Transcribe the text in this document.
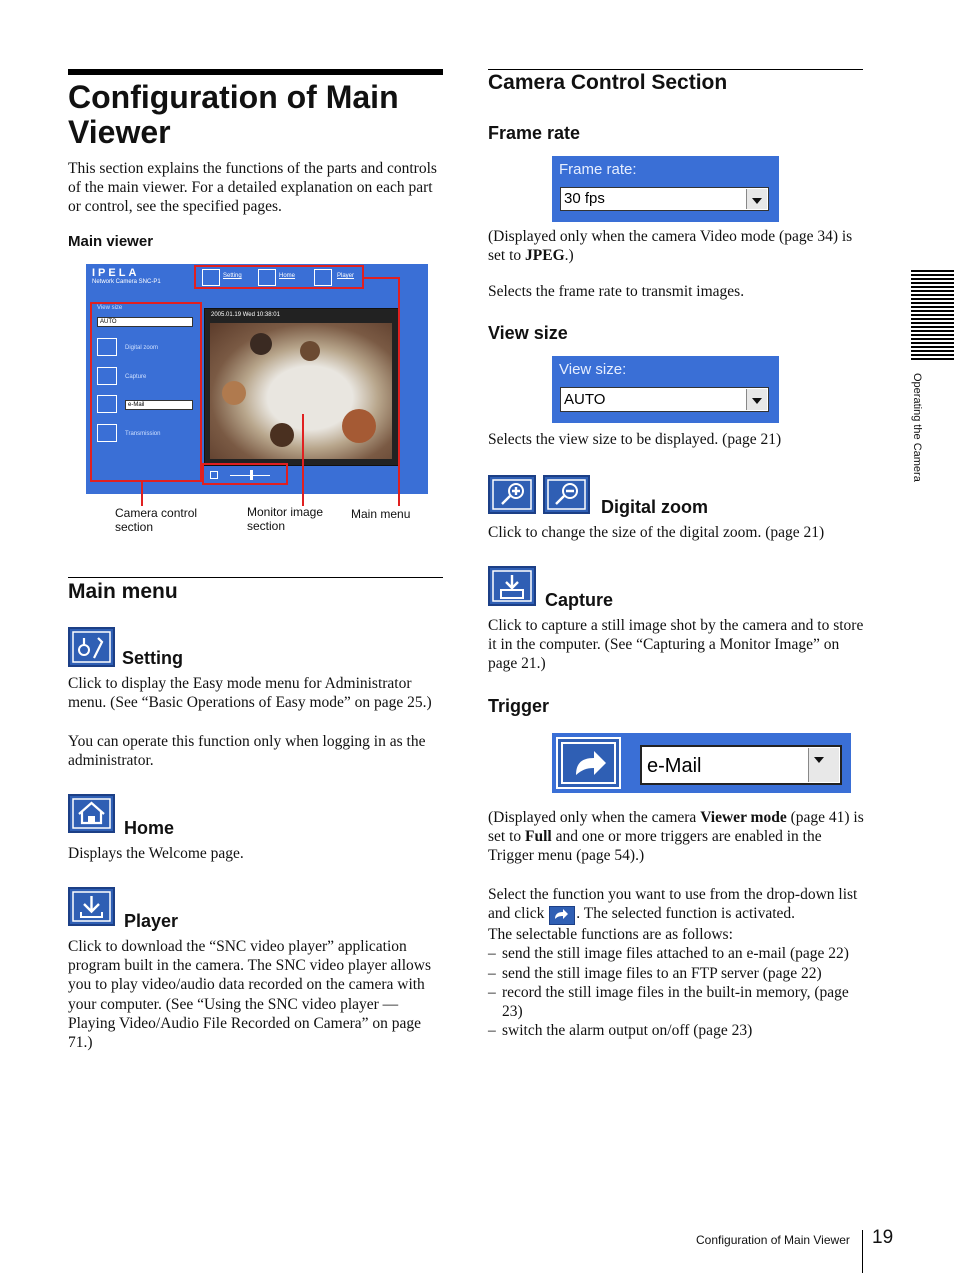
Configuration of Main Viewer
This section explains the functions of the parts and controls of the main viewer. For a detailed explanation on each part or control, see the specified pages.
Main viewer
IPELA
Network Camera SNC-P1
Setting	Home	Player
View size
AUTO
Digital zoom
Capture
e-Mail
Transmission
2005.01.19 Wed 10:38:01
Camera control section
Monitor image section
Main menu
Main menu
Setting
Click to display the Easy mode menu for Administrator menu. (See “Basic Operations of Easy mode” on page 25.)
You can operate this function only when logging in as the administrator.
Home
Displays the Welcome page.
Player
Click to download the “SNC video player” application program built in the camera. The SNC video player allows you to play video/audio data recorded on the camera with your computer. (See “Using the SNC video player — Playing Video/Audio File Recorded on Camera” on page 71.)
Camera Control Section
Frame rate
Frame rate:
30 fps
(Displayed only when the camera Video mode (page 34) is set to JPEG.)
Selects the frame rate to transmit images.
View size
View size:
AUTO
Selects the view size to be displayed. (page 21)
Digital zoom
Click to change the size of the digital zoom. (page 21)
Capture
Click to capture a still image shot by the camera and to store it in the computer. (See “Capturing a Monitor Image” on page 21.)
Trigger
e-Mail
(Displayed only when the camera Viewer mode (page 41) is set to Full and one or more triggers are enabled in the Trigger menu (page 54).)
Select the function you want to use from the drop-down list and click . The selected function is activated.
The selectable functions are as follows:
– send the still image files attached to an e-mail (page 22)
– send the still image files to an FTP server (page 22)
– record the still image files in the built-in memory, (page 23)
– switch the alarm output on/off (page 23)
Operating the Camera
Configuration of Main Viewer 19
